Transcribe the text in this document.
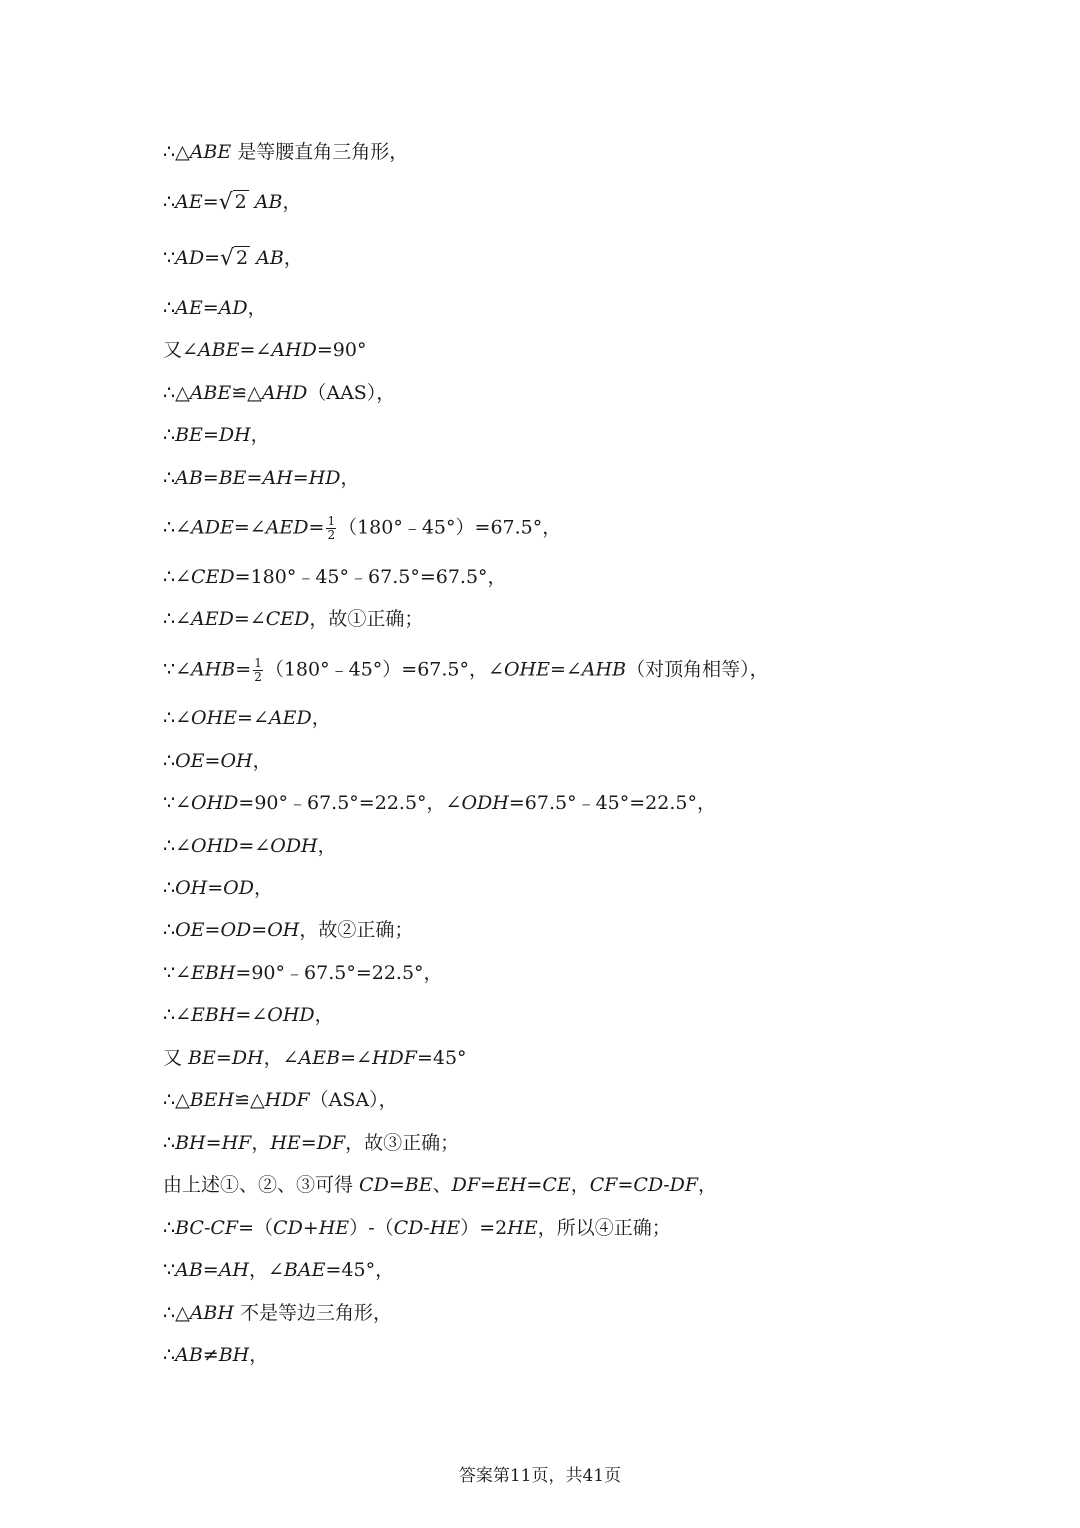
∴△ABE 是等腰直角三角形，
∴AE=√ 2 AB，
∵AD=√ 2 AB，
∴AE=AD，
又∠ABE=∠AHD=90°
∴△ABE≌△AHD（AAS），
∴BE=DH，
∴AB=BE=AH=HD，
∴∠ADE=∠AED= $\frac{1}{2}$ （180°﹣45°）=67.5°，
∴∠CED=180°﹣45°﹣67.5°=67.5°，
∴∠AED=∠CED，故①正确；
∵∠AHB= $\frac{1}{2}$ （180°﹣45°）=67.5°，∠OHE=∠AHB（对顶角相等），
∴∠OHE=∠AED，
∴OE=OH，
∵∠OHD=90°﹣67.5°=22.5°，∠ODH=67.5°﹣45°=22.5°，
∴∠OHD=∠ODH，
∴OH=OD，
∴OE=OD=OH，故②正确；
∵∠EBH=90°﹣67.5°=22.5°，
∴∠EBH=∠OHD，
又 BE=DH，∠AEB=∠HDF=45°
∴△BEH≌△HDF（ASA），
∴BH=HF，HE=DF，故③正确；
由上述①、②、③可得 CD=BE、DF=EH=CE，CF=CD-DF，
∴BC-CF=（CD+HE）-（CD-HE）=2HE，所以④正确；
∵AB=AH，∠BAE=45°，
∴△ABH 不是等边三角形，
∴AB≠BH，
答案第11页，共41页
